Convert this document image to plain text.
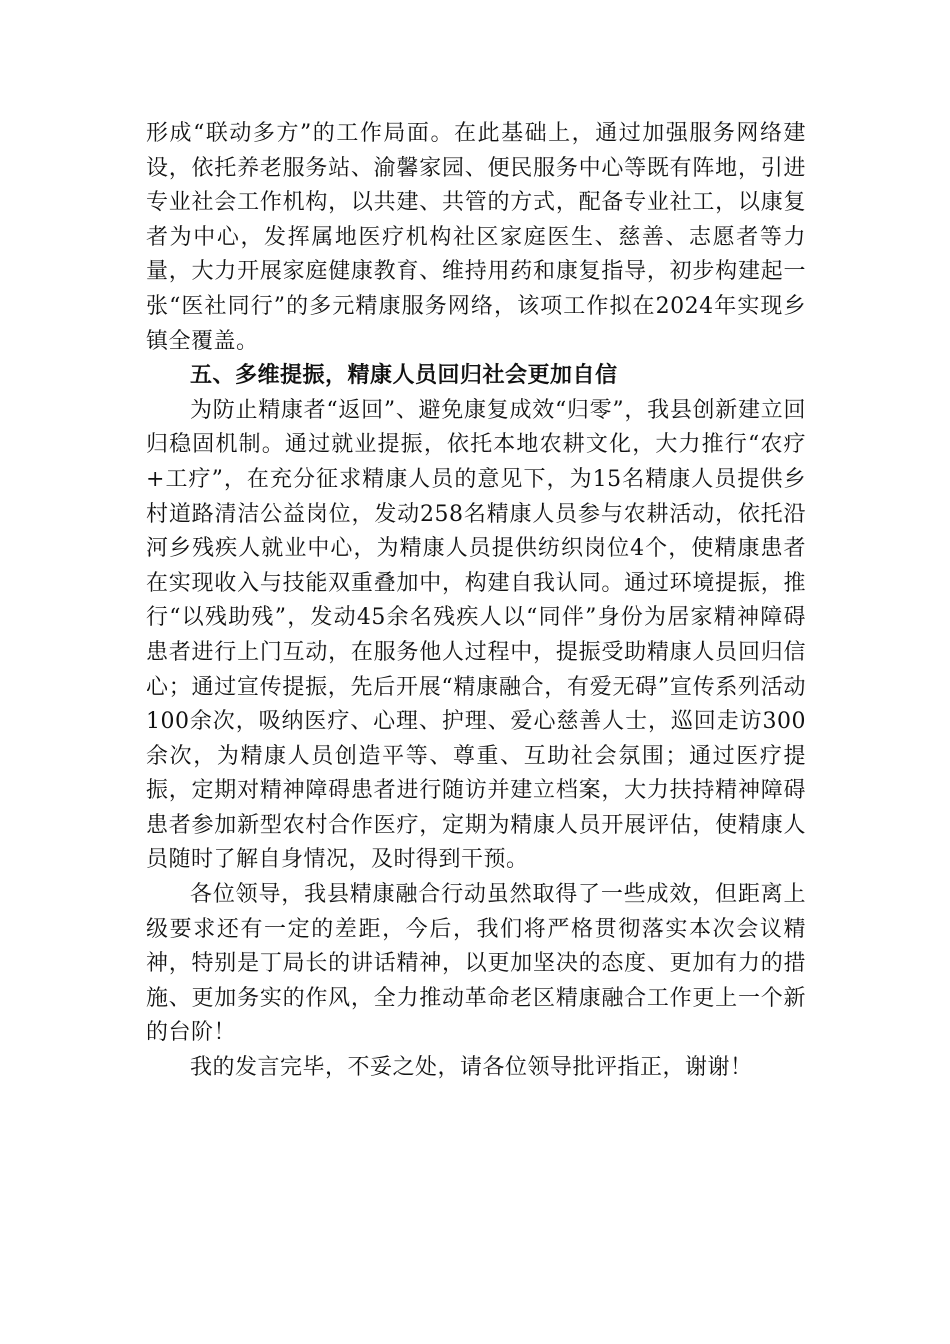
形成“联动多方”的工作局面。在此基础上，通过加强服务网络建设，依托养老服务站、渝馨家园、便民服务中心等既有阵地，引进专业社会工作机构，以共建、共管的方式，配备专业社工，以康复者为中心，发挥属地医疗机构社区家庭医生、慈善、志愿者等力量，大力开展家庭健康教育、维持用药和康复指导，初步构建起一张“医社同行”的多元精康服务网络，该项工作拟在2024年实现乡镇全覆盖。

五、多维提振，精康人员回归社会更加自信

为防止精康者“返回”、避免康复成效“归零”，我县创新建立回归稳固机制。通过就业提振，依托本地农耕文化，大力推行“农疗+工疗”，在充分征求精康人员的意见下，为15名精康人员提供乡村道路清洁公益岗位，发动258名精康人员参与农耕活动，依托沿河乡残疾人就业中心，为精康人员提供纺织岗位4个，使精康患者在实现收入与技能双重叠加中，构建自我认同。通过环境提振，推行“以残助残”，发动45余名残疾人以“同伴”身份为居家精神障碍患者进行上门互动，在服务他人过程中，提振受助精康人员回归信心；通过宣传提振，先后开展“精康融合，有爱无碍”宣传系列活动100余次，吸纳医疗、心理、护理、爱心慈善人士，巡回走访300余次，为精康人员创造平等、尊重、互助社会氛围；通过医疗提振，定期对精神障碍患者进行随访并建立档案，大力扶持精神障碍患者参加新型农村合作医疗，定期为精康人员开展评估，使精康人员随时了解自身情况，及时得到干预。

各位领导，我县精康融合行动虽然取得了一些成效，但距离上级要求还有一定的差距，今后，我们将严格贯彻落实本次会议精神，特别是丁局长的讲话精神，以更加坚决的态度、更加有力的措施、更加务实的作风，全力推动革命老区精康融合工作更上一个新的台阶！

我的发言完毕，不妥之处，请各位领导批评指正，谢谢！
